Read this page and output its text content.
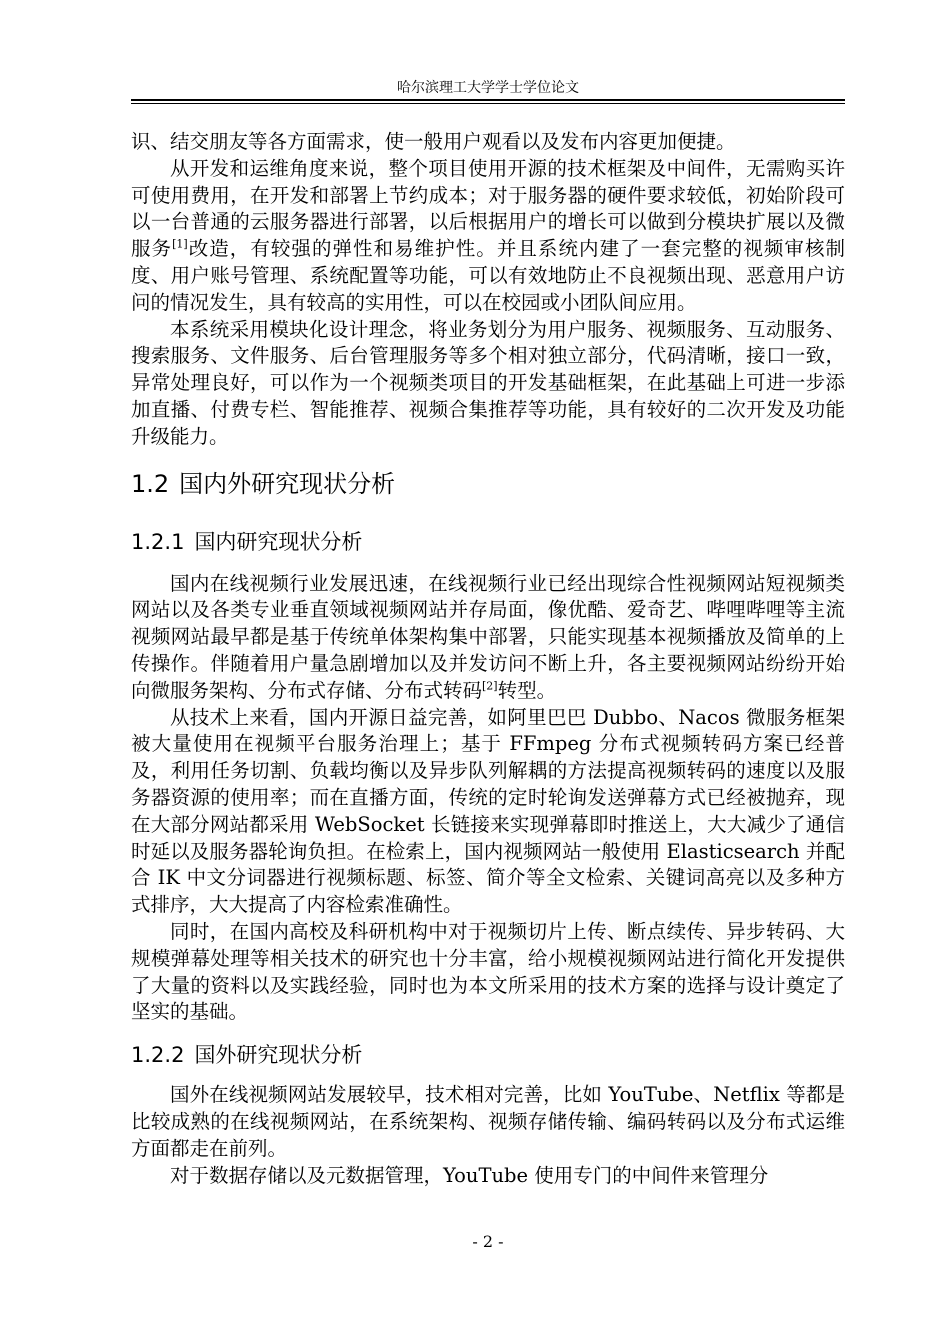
哈尔滨理工大学学士学位论文

识、结交朋友等各方面需求，使一般用户观看以及发布内容更加便捷。

从开发和运维角度来说，整个项目使用开源的技术框架及中间件，无需购买许可使用费用，在开发和部署上节约成本；对于服务器的硬件要求较低，初始阶段可以一台普通的云服务器进行部署，以后根据用户的增长可以做到分模块扩展以及微服务[1]改造，有较强的弹性和易维护性。并且系统内建了一套完整的视频审核制度、用户账号管理、系统配置等功能，可以有效地防止不良视频出现、恶意用户访问的情况发生，具有较高的实用性，可以在校园或小团队间应用。

本系统采用模块化设计理念，将业务划分为用户服务、视频服务、互动服务、搜索服务、文件服务、后台管理服务等多个相对独立部分，代码清晰，接口一致，异常处理良好，可以作为一个视频类项目的开发基础框架，在此基础上可进一步添加直播、付费专栏、智能推荐、视频合集推荐等功能，具有较好的二次开发及功能升级能力。

1.2 国内外研究现状分析
1.2.1 国内研究现状分析

国内在线视频行业发展迅速，在线视频行业已经出现综合性视频网站短视频类网站以及各类专业垂直领域视频网站并存局面，像优酷、爱奇艺、哔哩哔哩等主流视频网站最早都是基于传统单体架构集中部署，只能实现基本视频播放及简单的上传操作。伴随着用户量急剧增加以及并发访问不断上升，各主要视频网站纷纷开始向微服务架构、分布式存储、分布式转码[2]转型。

从技术上来看，国内开源日益完善，如阿里巴巴 Dubbo、Nacos 微服务框架被大量使用在视频平台服务治理上；基于 FFmpeg 分布式视频转码方案已经普及，利用任务切割、负载均衡以及异步队列解耦的方法提高视频转码的速度以及服务器资源的使用率；而在直播方面，传统的定时轮询发送弹幕方式已经被抛弃，现在大部分网站都采用 WebSocket 长链接来实现弹幕即时推送上，大大减少了通信时延以及服务器轮询负担。在检索上，国内视频网站一般使用 Elasticsearch 并配合 IK 中文分词器进行视频标题、标签、简介等全文检索、关键词高亮以及多种方式排序，大大提高了内容检索准确性。

同时，在国内高校及科研机构中对于视频切片上传、断点续传、异步转码、大规模弹幕处理等相关技术的研究也十分丰富，给小规模视频网站进行简化开发提供了大量的资料以及实践经验，同时也为本文所采用的技术方案的选择与设计奠定了坚实的基础。

1.2.2 国外研究现状分析

国外在线视频网站发展较早，技术相对完善，比如 YouTube、Netflix 等都是比较成熟的在线视频网站，在系统架构、视频存储传输、编码转码以及分布式运维方面都走在前列。

对于数据存储以及元数据管理，YouTube 使用专门的中间件来管理分

- 2 -
